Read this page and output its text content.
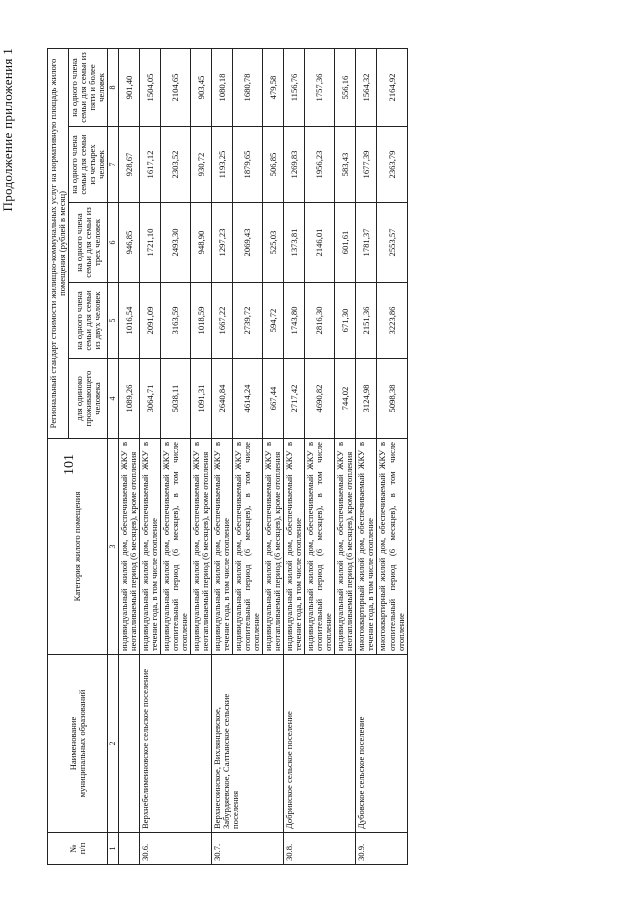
101
Продолжение приложения 1
№
п/п	Наименование
муниципальных образований	Категория жилого помещения	Региональный стандарт стоимости жилищно-коммунальных услуг на нормативную площадь жилого помещения (рублей в месяц)				
			для одиноко проживающего человека	на одного члена семьи для семьи из двух человек	на одного члена семьи для семьи из трех человек	на одного члена семьи для семьи из четырех человек	на одного члена семьи для семьи из пяти и более человек
1	2	3	4	5	6	7	8
		индивидуальный жилой дом, обеспечиваемый ЖКУ в неотапливаемый период (6 месяцев), кроме отопления	1089,26	1016,54	946,85	928,67	901,40
30.6.	Верхнебелимеиновское сельское поселение	индивидуальный жилой дом, обеспечиваемый ЖКУ в течение года, в том числе отопление	3064,71	2091,09	1721,10	1617,12	1504,05
		индивидуальный жилой дом, обеспечиваемый ЖКУ в отопительный период (6 месяцев), в том числе отопление	5038,11	3163,59	2493,30	2303,52	2104,65
		индивидуальный жилой дом, обеспечиваемый ЖКУ в неотапливаемый период (6 месяцев), кроме отопления	1091,31	1018,59	948,90	930,72	903,45
30.7.	Верхнесоинское, Вихлянцевское, Забурдяевское, Салтынское сельские поселения	индивидуальный жилой дом, обеспечиваемый ЖКУ в течение года, в том числе отопление	2640,84	1667,22	1297,23	1193,25	1080,18
		индивидуальный жилой дом, обеспечиваемый ЖКУ в отопительный период (6 месяцев), в том числе отопление	4614,24	2739,72	2069,43	1879,65	1680,78
		индивидуальный жилой дом, обеспечиваемый ЖКУ в неотапливаемый период (6 месяцев), кроме отопления	667,44	594,72	525,03	506,85	479,58
30.8.	Добринское сельское поселение	индивидуальный жилой дом, обеспечиваемый ЖКУ в течение года, в том числе отопление	2717,42	1743,80	1373,81	1269,83	1156,76
		индивидуальный жилой дом, обеспечиваемый ЖКУ в отопительный период (6 месяцев), в том числе отопление	4690,82	2816,30	2146,01	1956,23	1757,36
		индивидуальный жилой дом, обеспечиваемый ЖКУ в неотапливаемый период (6 месяцев), кроме отопления	744,02	671,30	601,61	583,43	556,16
30.9.	Дубовское сельское поселение	многоквартирный жилой дом, обеспечиваемый ЖКУ в течение года, в том числе отопление	3124,98	2151,36	1781,37	1677,39	1564,32
		многоквартирный жилой дом, обеспечиваемый ЖКУ в отопительный период (6 месяцев), в том числе отопление	5098,38	3223,86	2553,57	2363,79	2164,92
